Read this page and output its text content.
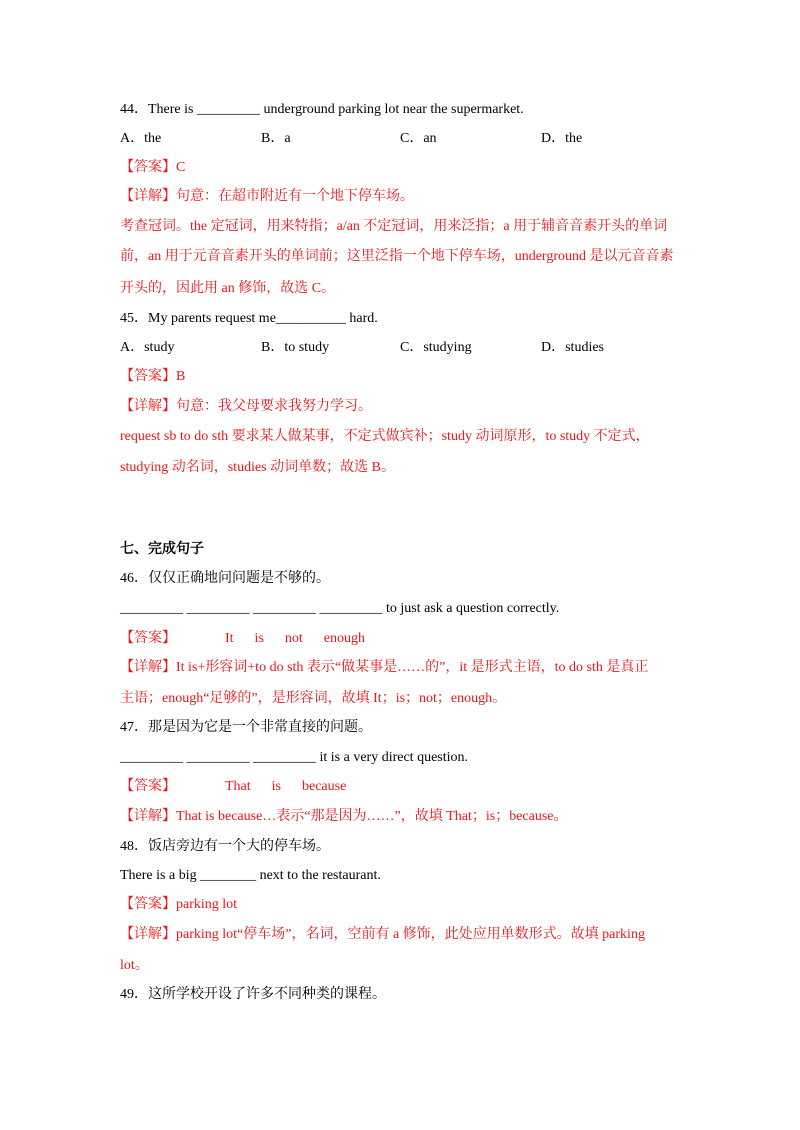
44．There is _________ underground parking lot near the supermarket.
A．the	B．a	C．an	D．the
【答案】C
【详解】句意：在超市附近有一个地下停车场。
考查冠词。the 定冠词，用来特指；a/an 不定冠词，用来泛指；a 用于辅音音素开头的单词
前，an 用于元音音素开头的单词前；这里泛指一个地下停车场，underground 是以元音音素
开头的，因此用 an 修饰，故选 C。
45．My parents request me__________ hard.
A．study	B．to study	C．studying	D．studies
【答案】B
【详解】句意：我父母要求我努力学习。
request sb to do sth 要求某人做某事，不定式做宾补；study 动词原形，to study 不定式，
studying 动名词，studies 动词单数；故选 B。
七、完成句子
46．仅仅正确地问问题是不够的。
_________ _________ _________ _________ to just ask a question correctly.
【答案】              It      is      not      enough
【详解】It is+形容词+to do sth 表示“做某事是……的”，it 是形式主语，to do sth 是真正
主语；enough“足够的”，是形容词，故填 It；is；not；enough。
47．那是因为它是一个非常直接的问题。
_________ _________ _________ it is a very direct question.
【答案】              That      is      because
【详解】That is because…表示“那是因为……”，故填 That；is；because。
48．饭店旁边有一个大的停车场。
There is a big ________ next to the restaurant.
【答案】parking lot
【详解】parking lot“停车场”，名词，空前有 a 修饰，此处应用单数形式。故填 parking
lot。
49．这所学校开设了许多不同种类的课程。
